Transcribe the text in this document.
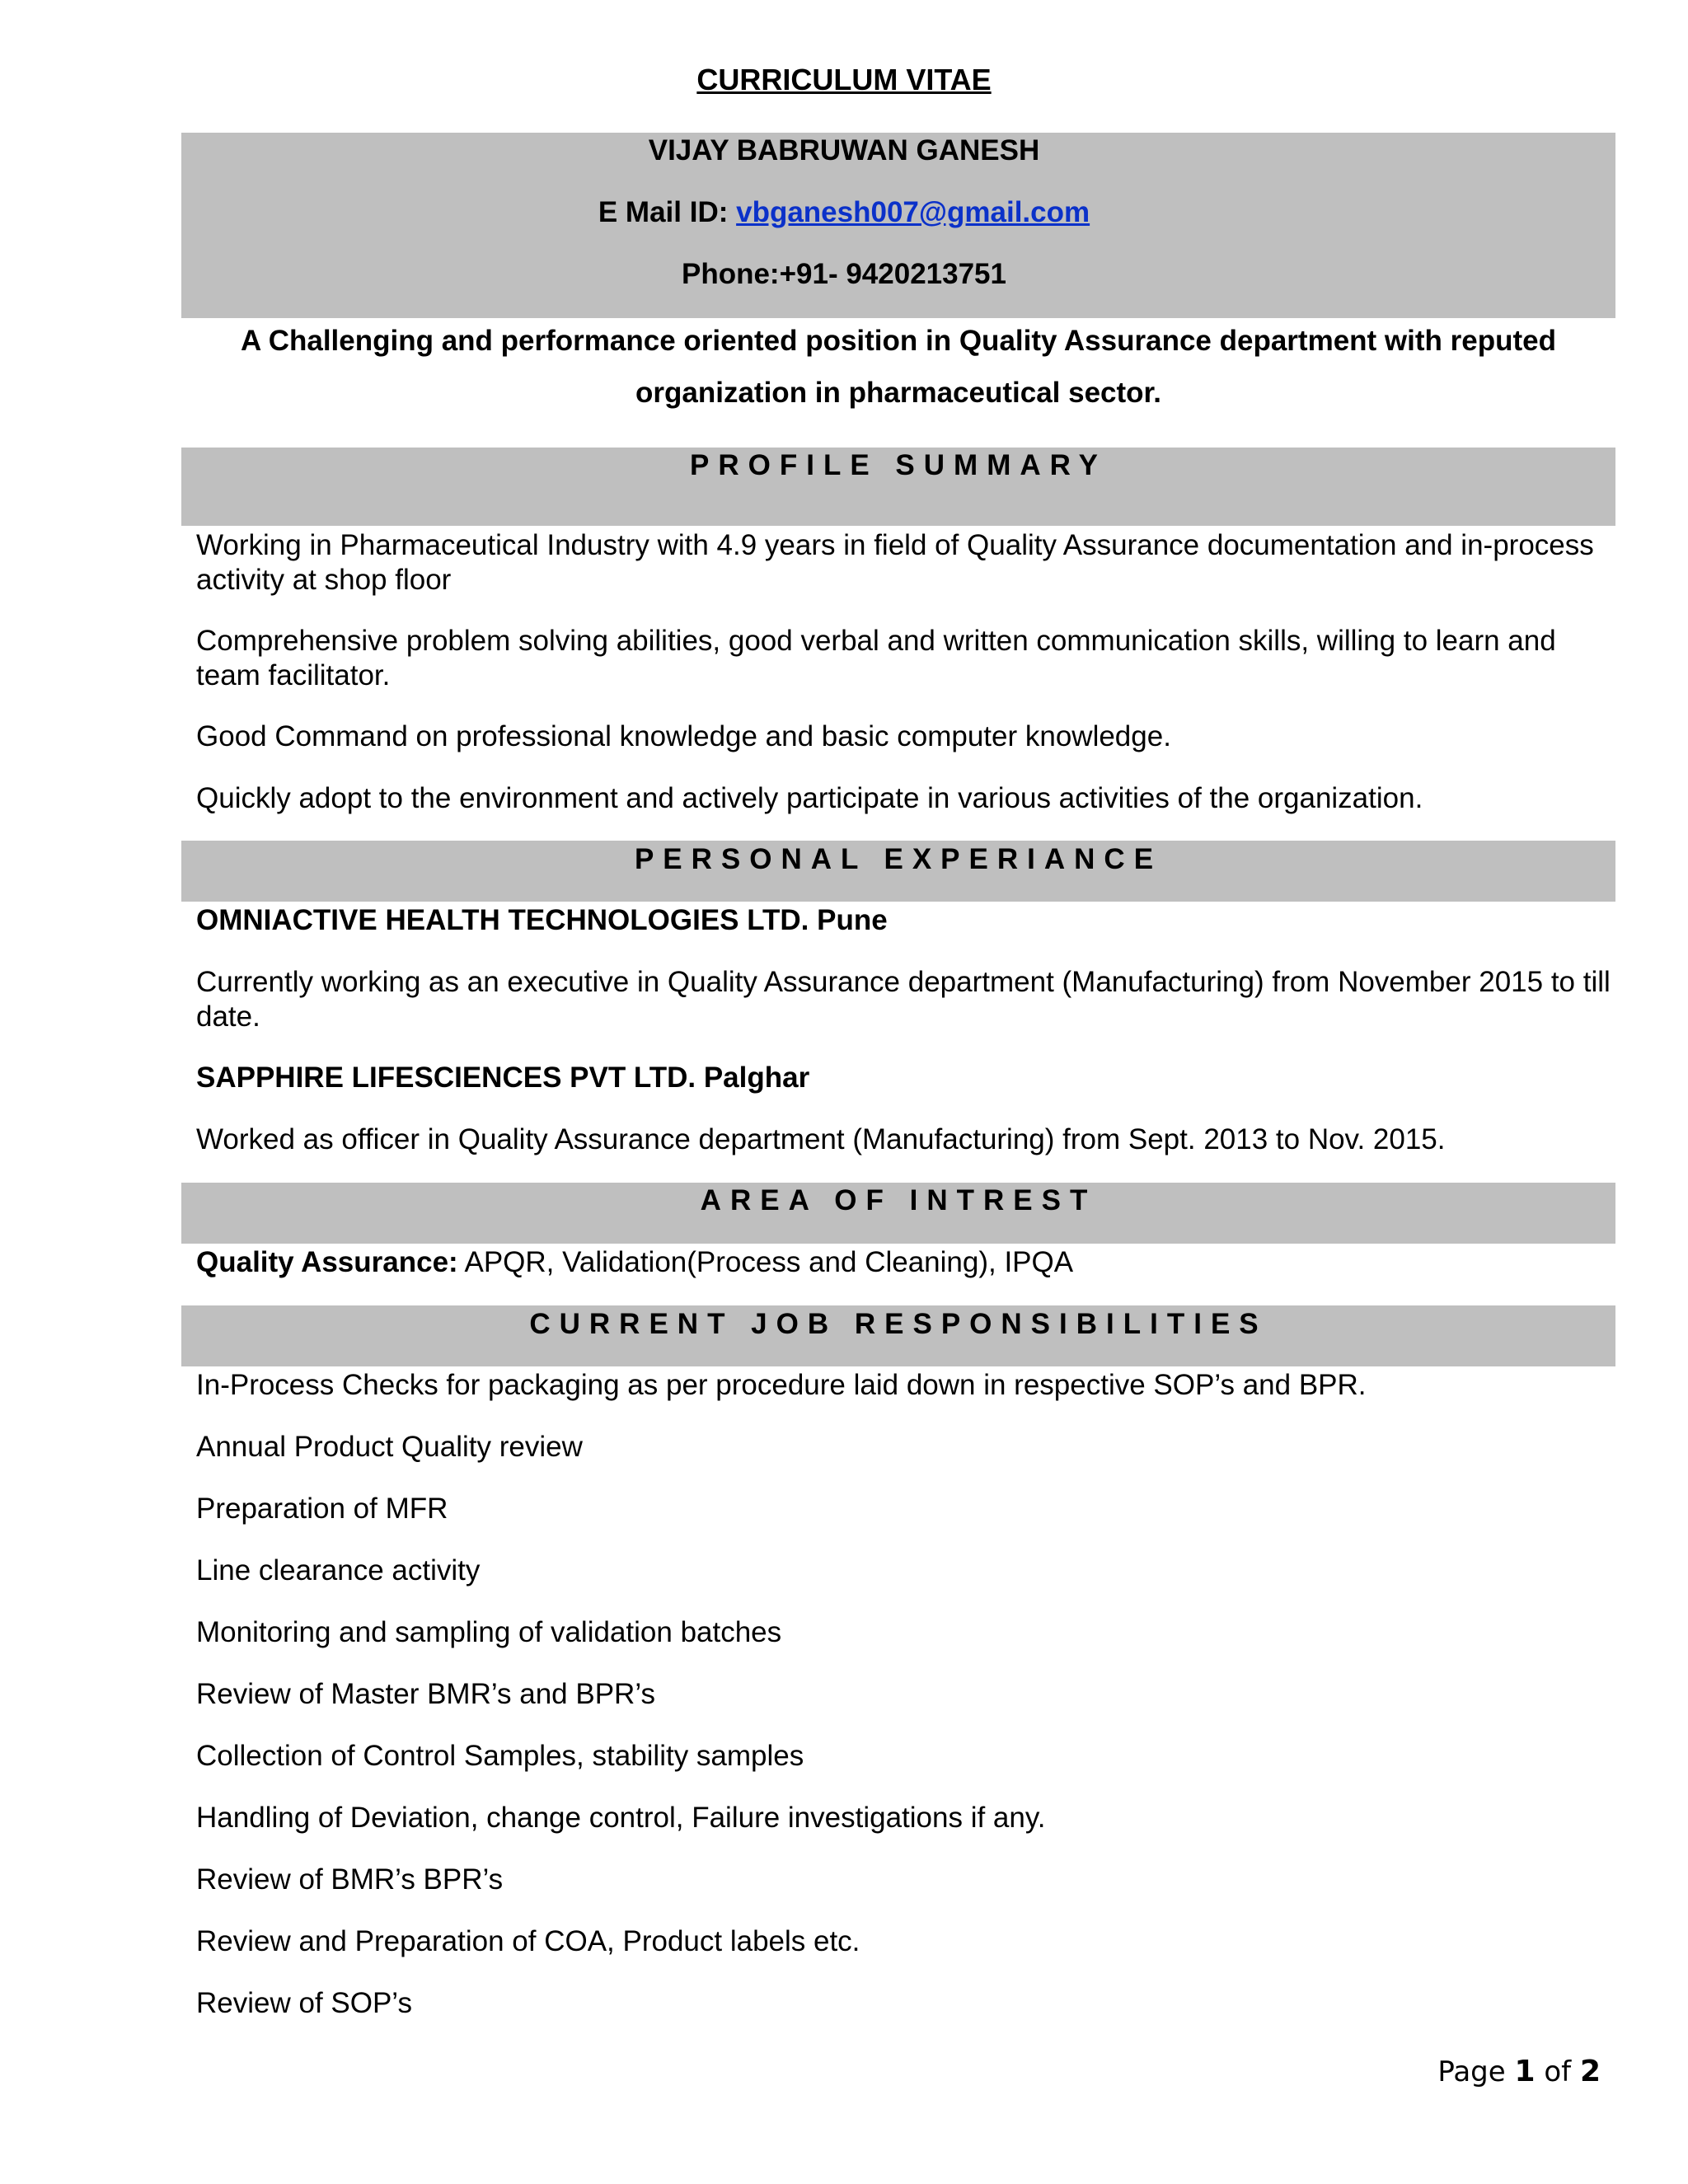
CURRICULUM VITAE
VIJAY BABRUWAN GANESH
E Mail ID: vbganesh007@gmail.com
Phone:+91- 9420213751
A Challenging and performance oriented position in Quality Assurance department with reputed organization in pharmaceutical sector.
PROFILE SUMMARY
Working in Pharmaceutical Industry with 4.9 years in field of Quality Assurance documentation and in-process activity at shop floor
Comprehensive problem solving abilities, good verbal and written communication skills, willing to learn and team facilitator.
Good Command on professional knowledge and basic computer knowledge.
Quickly adopt to the environment and actively participate in various activities of the organization.
PERSONAL EXPERIANCE
OMNIACTIVE HEALTH TECHNOLOGIES LTD. Pune
Currently working as an executive in Quality Assurance department (Manufacturing) from November 2015 to till date.
SAPPHIRE LIFESCIENCES PVT LTD. Palghar
Worked as officer in Quality Assurance department (Manufacturing) from Sept. 2013 to Nov. 2015.
AREA OF INTREST
Quality Assurance: APQR, Validation(Process and Cleaning), IPQA
CURRENT JOB RESPONSIBILITIES
In-Process Checks for packaging as per procedure laid down in respective SOP’s and BPR.
Annual Product Quality review
Preparation of MFR
Line clearance activity
Monitoring and sampling of validation batches
Review of Master BMR’s and BPR’s
Collection of Control Samples, stability samples
Handling of Deviation, change control, Failure investigations if any.
Review of BMR’s BPR’s
Review and Preparation of COA, Product labels etc.
Review of SOP’s
Page 1 of 2
